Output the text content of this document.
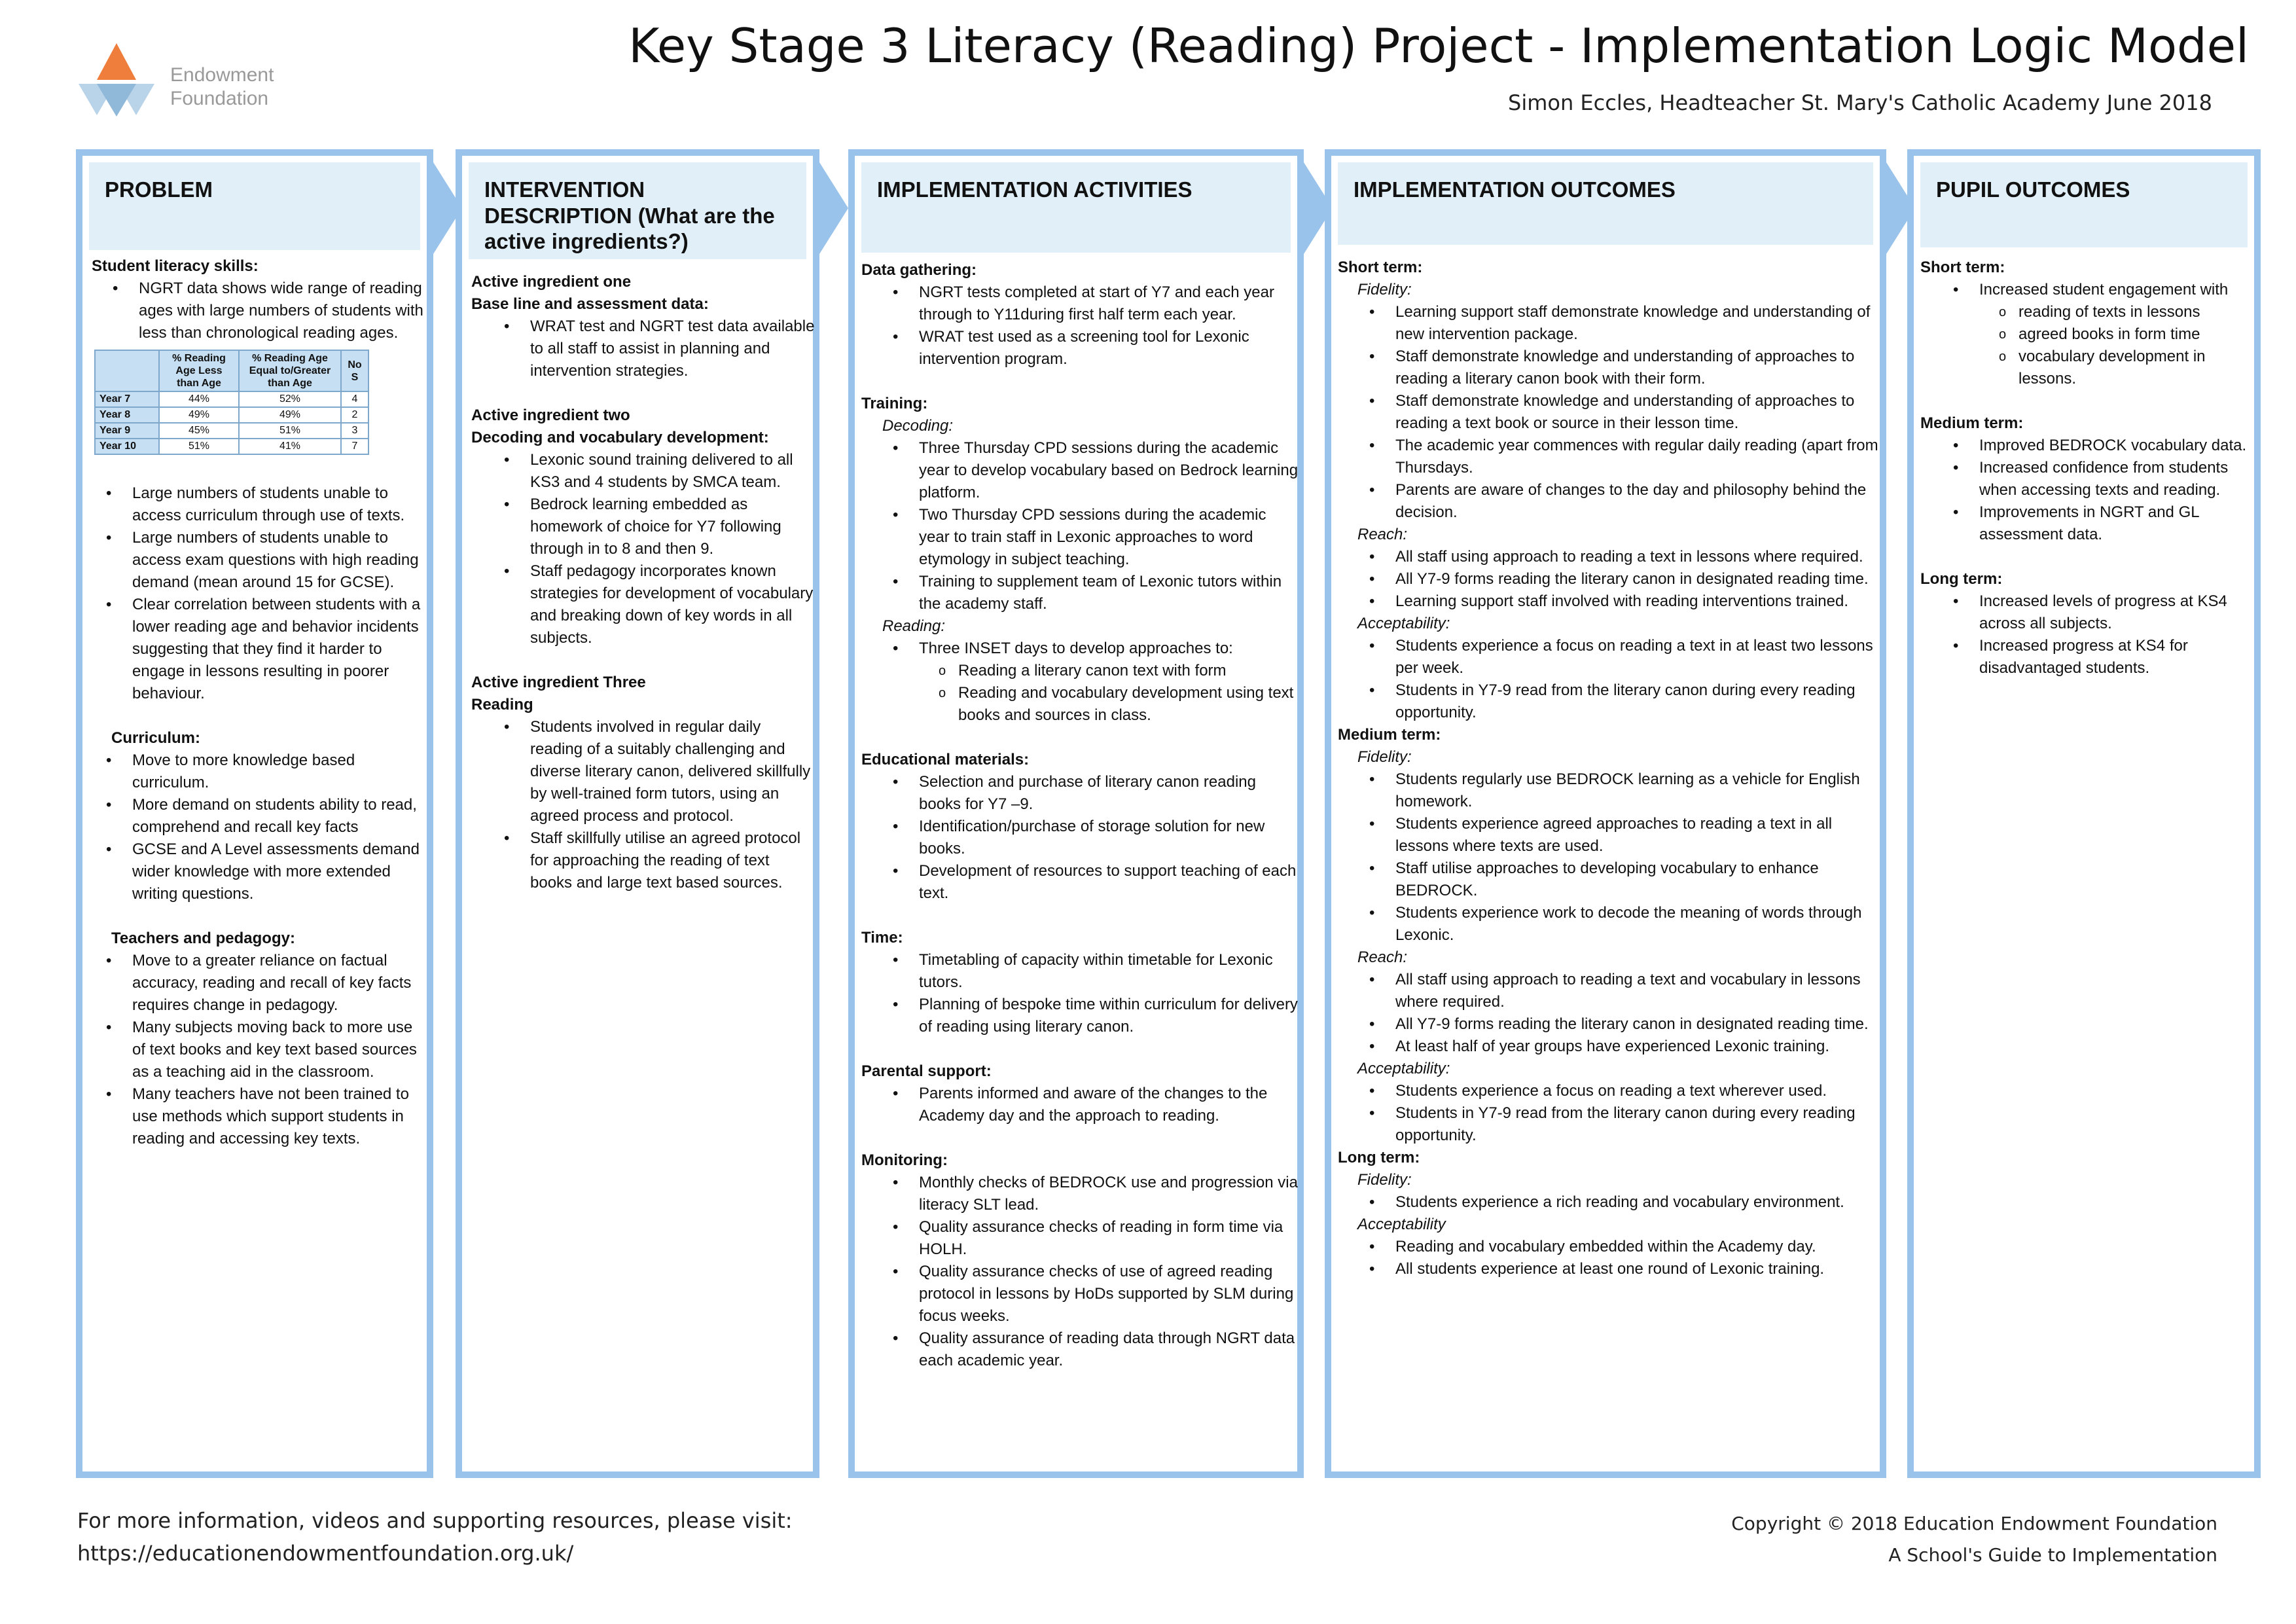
Endowment
Foundation
Key Stage 3 Literacy (Reading) Project - Implementation Logic Model
Simon Eccles, Headteacher St. Mary's Catholic Academy June 2018
PROBLEM
Student literacy skills:
• NGRT data shows wide range of reading ages with large numbers of students with less than chronological reading ages.
	% Reading Age Less than Age	% Reading Age Equal to/Greater than Age	No S
Year 7	44%	52%	4
Year 8	49%	49%	2
Year 9	45%	51%	3
Year 10	51%	41%	7
• Large numbers of students unable to access curriculum through use of texts.
• Large numbers of students unable to access exam questions with high reading demand (mean around 15 for GCSE).
• Clear correlation between students with a lower reading age and behavior incidents suggesting that they find it harder to engage in lessons resulting in poorer behaviour.
Curriculum:
• Move to more knowledge based curriculum.
• More demand on students ability to read, comprehend and recall key facts
• GCSE and A Level assessments demand wider knowledge with more extended writing questions.
Teachers and pedagogy:
• Move to a greater reliance on factual accuracy, reading and recall of key facts requires change in pedagogy.
• Many subjects moving back to more use of text books and key text based sources as a teaching aid in the classroom.
• Many teachers have not been trained to use methods which support students in reading and accessing key texts.
INTERVENTION DESCRIPTION (What are the active ingredients?)
Active ingredient one
Base line and assessment data:
• WRAT test and NGRT test data available to all staff to assist in planning and intervention strategies.
Active ingredient two
Decoding and vocabulary development:
• Lexonic sound training delivered to all KS3 and 4 students by SMCA team.
• Bedrock learning embedded as homework of choice for Y7 following through in to 8 and then 9.
• Staff pedagogy incorporates known strategies for development of vocabulary and breaking down of key words in all subjects.
Active ingredient Three
Reading
• Students involved in regular daily reading of a suitably challenging and diverse literary canon, delivered skillfully by well-trained form tutors, using an agreed process and protocol.
• Staff skillfully utilise an agreed protocol for approaching the reading of text books and large text based sources.
IMPLEMENTATION ACTIVITIES
Data gathering:
• NGRT tests completed at start of Y7 and each year through to Y11during first half term each year.
• WRAT test used as a screening tool for Lexonic intervention program.
Training:
Decoding:
• Three Thursday CPD sessions during the academic year to develop vocabulary based on Bedrock learning platform.
• Two Thursday CPD sessions during the academic year to train staff in Lexonic approaches to word etymology in subject teaching.
• Training to supplement team of Lexonic tutors within the academy staff.
Reading:
• Three INSET days to develop approaches to:
o Reading a literary canon text with form
o Reading and vocabulary development using text books and sources in class.
Educational materials:
• Selection and purchase of literary canon reading books for Y7 –9.
• Identification/purchase of storage solution for new books.
• Development of resources to support teaching of each text.
Time:
• Timetabling of capacity within timetable for Lexonic tutors.
• Planning of bespoke time within curriculum for delivery of reading using literary canon.
Parental support:
• Parents informed and aware of the changes to the Academy day and the approach to reading.
Monitoring:
• Monthly checks of BEDROCK use and progression via literacy SLT lead.
• Quality assurance checks of reading in form time via HOLH.
• Quality assurance checks of use of agreed reading protocol in lessons by HoDs supported by SLM during focus weeks.
• Quality assurance of reading data through NGRT data each academic year.
IMPLEMENTATION OUTCOMES
Short term:
Fidelity:
• Learning support staff demonstrate knowledge and understanding of new intervention package.
• Staff demonstrate knowledge and understanding of approaches to reading a literary canon book with their form.
• Staff demonstrate knowledge and understanding of approaches to reading a text book or source in their lesson time.
• The academic year commences with regular daily reading (apart from Thursdays.
• Parents are aware of changes to the day and philosophy behind the decision.
Reach:
• All staff using approach to reading a text in lessons where required.
• All Y7-9 forms reading the literary canon in designated reading time.
• Learning support staff involved with reading interventions trained.
Acceptability:
• Students experience a focus on reading a text in at least two lessons per week.
• Students in Y7-9 read from the literary canon during every reading opportunity.
Medium term:
Fidelity:
• Students regularly use BEDROCK learning as a vehicle for English homework.
• Students experience agreed approaches to reading a text in all lessons where texts are used.
• Staff utilise approaches to developing vocabulary to enhance BEDROCK.
• Students experience work to decode the meaning of words through Lexonic.
Reach:
• All staff using approach to reading a text and vocabulary in lessons where required.
• All Y7-9 forms reading the literary canon in designated reading time.
• At least half of year groups have experienced Lexonic training.
Acceptability:
• Students experience a focus on reading a text wherever used.
• Students in Y7-9 read from the literary canon during every reading opportunity.
Long term:
Fidelity:
• Students experience a rich reading and vocabulary environment.
Acceptability
• Reading and vocabulary embedded within the Academy day.
• All students experience at least one round of Lexonic training.
PUPIL OUTCOMES
Short term:
• Increased student engagement with
o reading of texts in lessons
o agreed books in form time
o vocabulary development in lessons.
Medium term:
• Improved BEDROCK vocabulary data.
• Increased confidence from students when accessing texts and reading.
• Improvements in NGRT and GL assessment data.
Long term:
• Increased levels of progress at KS4 across all subjects.
• Increased progress at KS4 for disadvantaged students.
For more information, videos and supporting resources, please visit:
https://educationendowmentfoundation.org.uk/
Copyright © 2018 Education Endowment Foundation
A School's Guide to Implementation
